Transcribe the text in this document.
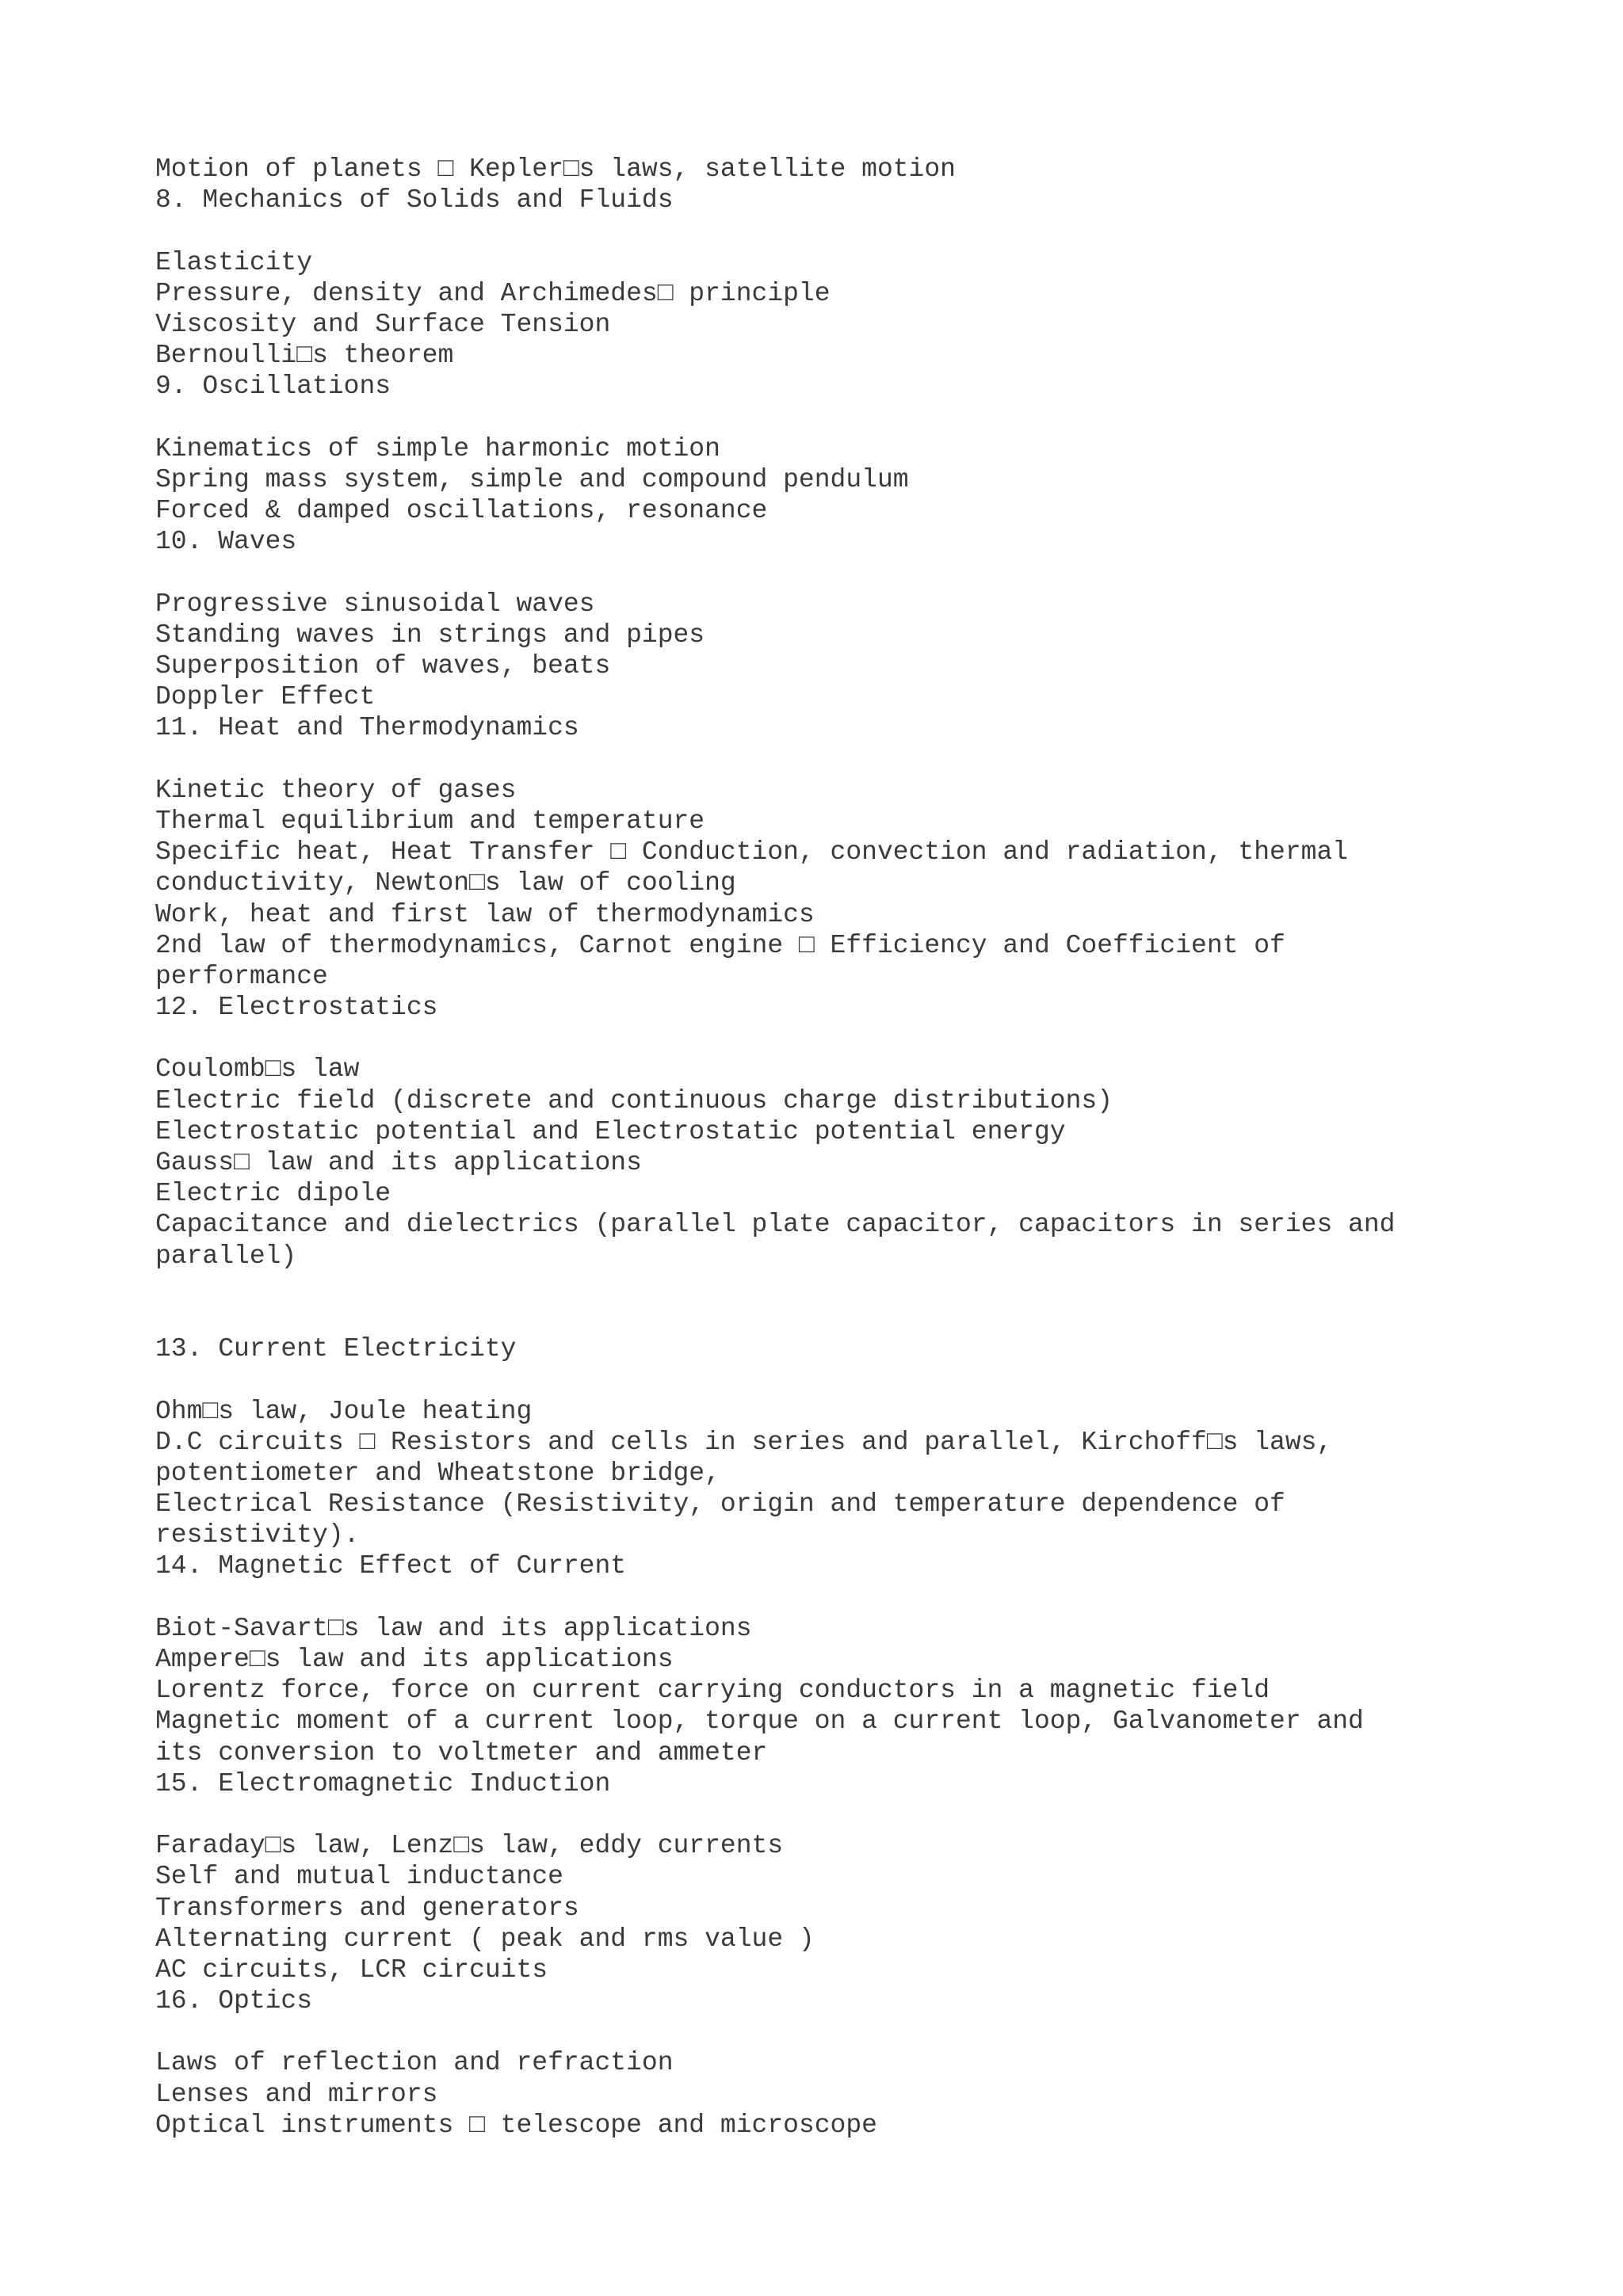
Motion of planets □ Kepler□s laws, satellite motion
8. Mechanics of Solids and Fluids
Elasticity
Pressure, density and Archimedes□ principle
Viscosity and Surface Tension
Bernoulli□s theorem
9. Oscillations
Kinematics of simple harmonic motion
Spring mass system, simple and compound pendulum
Forced & damped oscillations, resonance
10. Waves
Progressive sinusoidal waves
Standing waves in strings and pipes
Superposition of waves, beats
Doppler Effect
11. Heat and Thermodynamics
Kinetic theory of gases
Thermal equilibrium and temperature
Specific heat, Heat Transfer □ Conduction, convection and radiation, thermal
conductivity, Newton□s law of cooling
Work, heat and first law of thermodynamics
2nd law of thermodynamics, Carnot engine □ Efficiency and Coefficient of
performance
12. Electrostatics
Coulomb□s law
Electric field (discrete and continuous charge distributions)
Electrostatic potential and Electrostatic potential energy
Gauss□ law and its applications
Electric dipole
Capacitance and dielectrics (parallel plate capacitor, capacitors in series and
parallel)
13. Current Electricity
Ohm□s law, Joule heating
D.C circuits □ Resistors and cells in series and parallel, Kirchoff□s laws,
potentiometer and Wheatstone bridge,
Electrical Resistance (Resistivity, origin and temperature dependence of
resistivity).
14. Magnetic Effect of Current
Biot-Savart□s law and its applications
Ampere□s law and its applications
Lorentz force, force on current carrying conductors in a magnetic field
Magnetic moment of a current loop, torque on a current loop, Galvanometer and
its conversion to voltmeter and ammeter
15. Electromagnetic Induction
Faraday□s law, Lenz□s law, eddy currents
Self and mutual inductance
Transformers and generators
Alternating current ( peak and rms value )
AC circuits, LCR circuits
16. Optics
Laws of reflection and refraction
Lenses and mirrors
Optical instruments □ telescope and microscope
